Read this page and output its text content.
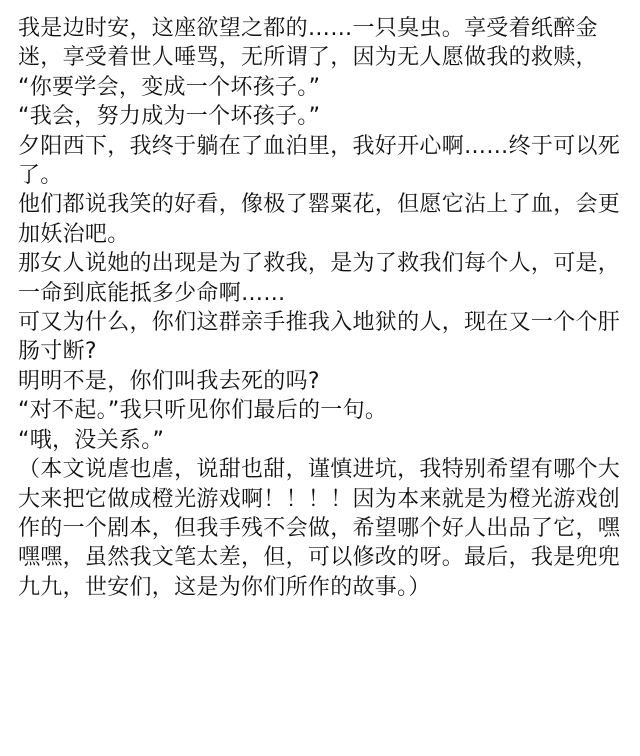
我是边时安，这座欲望之都的……一只臭虫。享受着纸醉金迷，享受着世人唾骂，无所谓了，因为无人愿做我的救赎，

“你要学会，变成一个坏孩子。”

“我会，努力成为一个坏孩子。”

夕阳西下，我终于躺在了血泊里，我好开心啊……终于可以死了。

他们都说我笑的好看，像极了罂粟花，但愿它沾上了血，会更加妖治吧。

那女人说她的出现是为了救我，是为了救我们每个人，可是，一命到底能抵多少命啊……

可又为什么，你们这群亲手推我入地狱的人，现在又一个个肝肠寸断?

明明不是，你们叫我去死的吗?

“对不起。”我只听见你们最后的一句。

“哦，没关系。”

（本文说虐也虐，说甜也甜，谨慎进坑，我特别希望有哪个大大来把它做成橙光游戏啊！！！！因为本来就是为橙光游戏创作的一个剧本，但我手残不会做，希望哪个好人出品了它，嘿嘿嘿，虽然我文笔太差，但，可以修改的呀。最后，我是兜兜九九，世安们，这是为你们所作的故事。）
